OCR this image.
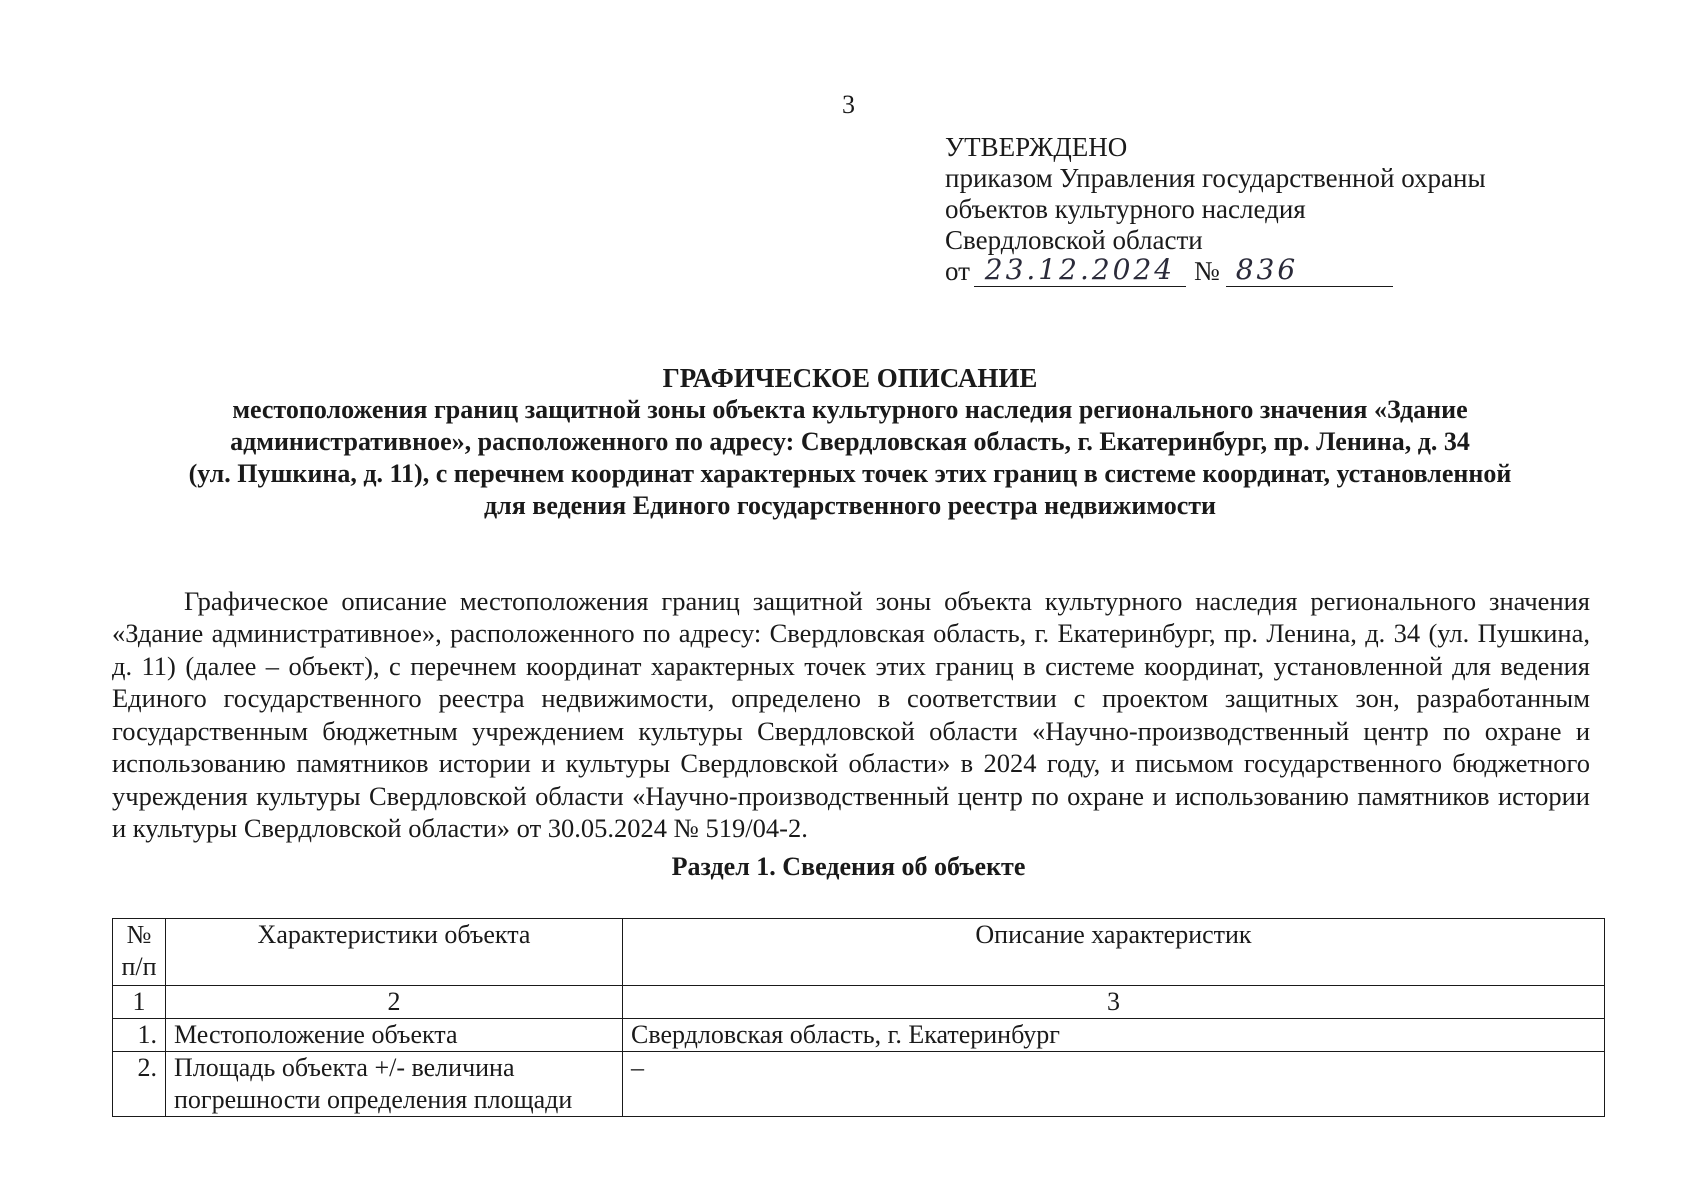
3
УТВЕРЖДЕНО
приказом Управления государственной охраны
объектов культурного наследия
Свердловской области
от 23.12.2024 № 836
ГРАФИЧЕСКОЕ ОПИСАНИЕ
местоположения границ защитной зоны объекта культурного наследия регионального значения «Здание
административное», расположенного по адресу: Свердловская область, г. Екатеринбург, пр. Ленина, д. 34
(ул. Пушкина, д. 11), с перечнем координат характерных точек этих границ в системе координат, установленной
для ведения Единого государственного реестра недвижимости

Графическое описание местоположения границ защитной зоны объекта культурного наследия регионального значения «Здание административное», расположенного по адресу: Свердловская область, г. Екатеринбург, пр. Ленина, д. 34 (ул. Пушкина, д. 11) (далее – объект), с перечнем координат характерных точек этих границ в системе координат, установленной для ведения Единого государственного реестра недвижимости, определено в соответствии с проектом защитных зон, разработанным государственным бюджетным учреждением культуры Свердловской области «Научно-производственный центр по охране и использованию памятников истории и культуры Свердловской области» в 2024 году, и письмом государственного бюджетного учреждения культуры Свердловской области «Научно-производственный центр по охране и использованию памятников истории и культуры Свердловской области» от 30.05.2024 № 519/04-2.

Раздел 1. Сведения об объекте
№ п/п	Характеристики объекта	Описание характеристик
1	2	3
1.	Местоположение объекта	Свердловская область, г. Екатеринбург
2.	Площадь объекта +/- величина погрешности определения площади	–
